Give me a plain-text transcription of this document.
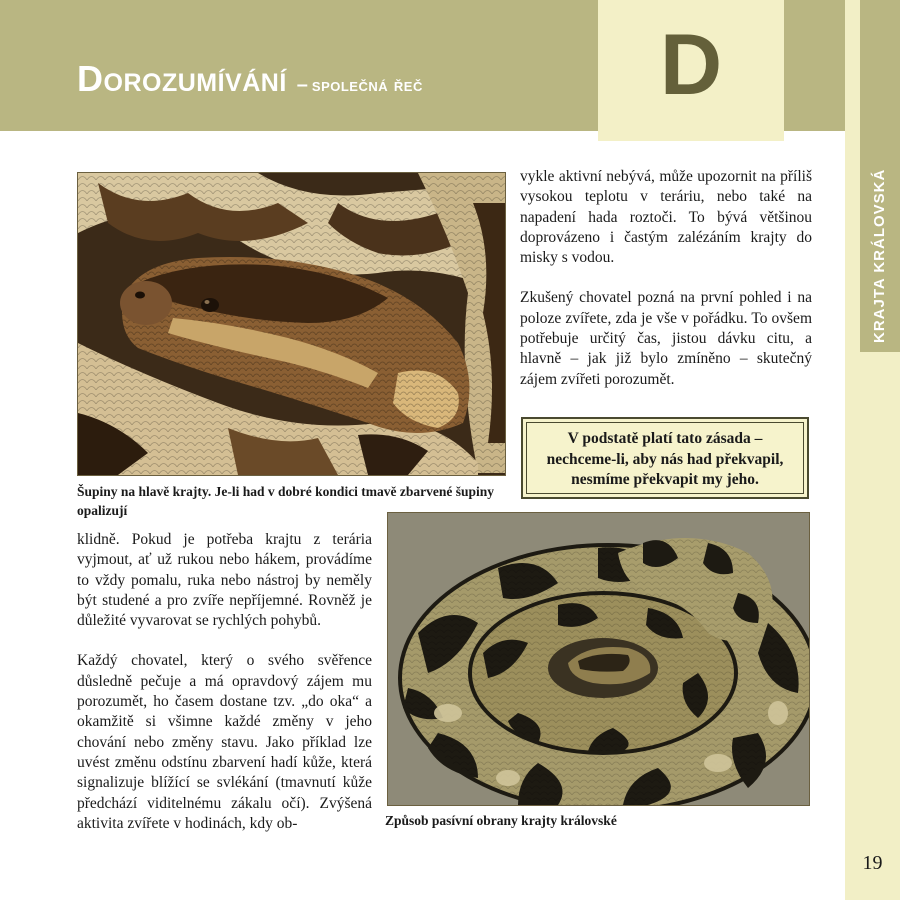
Dorozumívání – společná řeč	D
KRAJTA KRÁLOVSKÁ
Šupiny na hlavě krajty. Je-li had v dobré kondici tmavě zbarvené šupiny opalizují

vykle aktivní nebývá, může upozornit na příliš vysokou teplotu v teráriu, nebo také na napadení hada roztoči. To bývá většinou doprovázeno i častým zalézáním krajty do misky s vodou.

Zkušený chovatel pozná na první pohled i na poloze zvířete, zda je vše v pořádku. To ovšem potřebuje určitý čas, jistou dávku citu, a hlavně – jak již bylo zmíněno – skutečný zájem zvířeti porozumět.

V podstatě platí tato zásada – nechceme-li, aby nás had překvapil, nesmíme překvapit my jeho.

klidně. Pokud je potřeba krajtu z terária vyjmout, ať už rukou nebo hákem, provádíme to vždy pomalu, ruka nebo nástroj by neměly být studené a pro zvíře nepříjemné. Rovněž je důležité vyvarovat se rychlých pohybů.

Každý chovatel, který o svého svěřence důsledně pečuje a má opravdový zájem mu porozumět, ho časem dostane tzv. „do oka“ a okamžitě si všimne každé změny v jeho chování nebo změny stavu. Jako příklad lze uvést změnu odstínu zbarvení hadí kůže, která signalizuje blížící se svlékání (tmavnutí kůže předchází viditelnému zákalu očí). Zvýšená aktivita zvířete v hodinách, kdy ob-	Způsob pasívní obrany krajty královské
19
